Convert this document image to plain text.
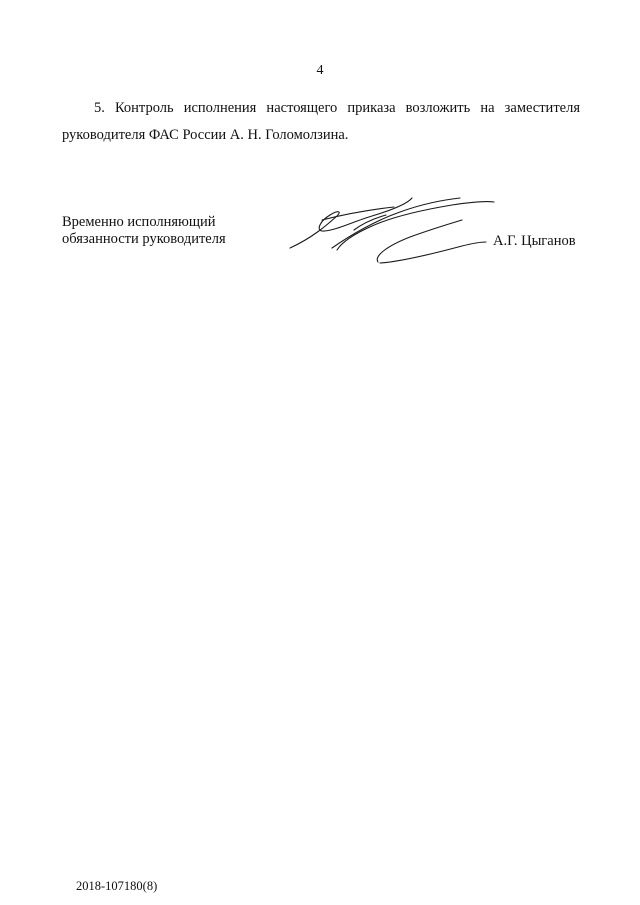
4
5. Контроль исполнения настоящего приказа возложить на заместителя
руководителя ФАС России А. Н. Голомолзина.
Временно исполняющий
обязанности руководителя	А.Г. Цыганов
2018-107180(8)
